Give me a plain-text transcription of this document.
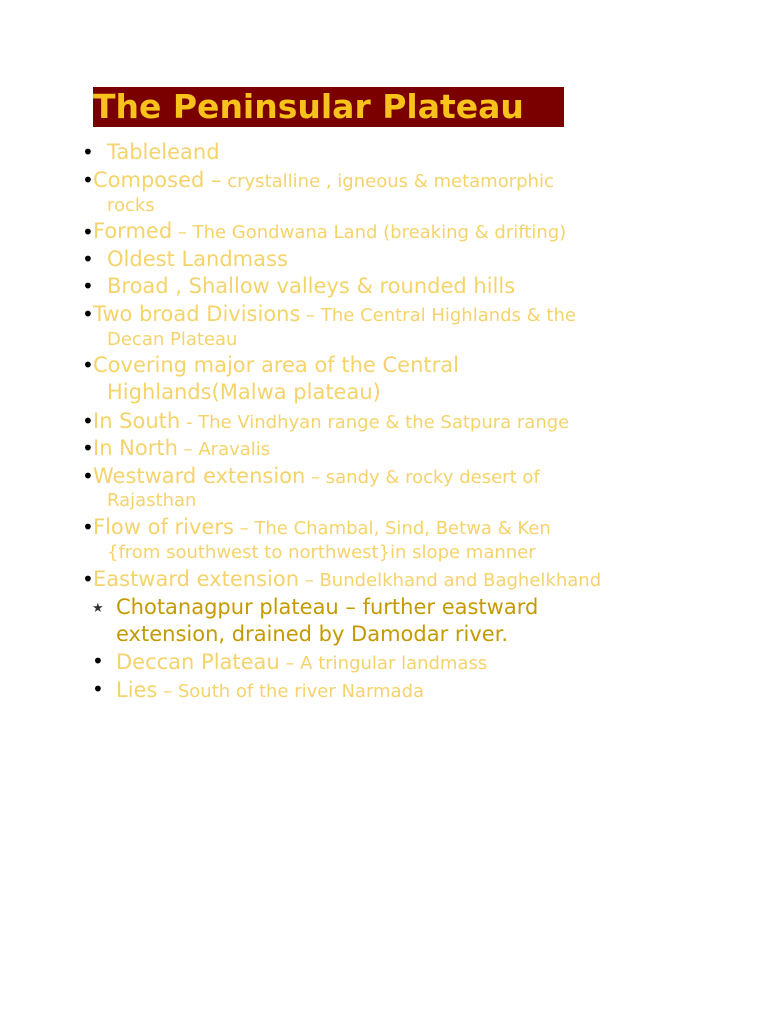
The Peninsular Plateau
• Tableleand
• Composed – crystalline , igneous & metamorphic
rocks
• Formed – The Gondwana Land (breaking & drifting)
• Oldest Landmass
• Broad , Shallow valleys & rounded hills
• Two broad Divisions – The Central Highlands & the
Decan Plateau
• Covering major area of the Central
Highlands(Malwa plateau)
• In South - The Vindhyan range & the Satpura range
• In North – Aravalis
• Westward extension – sandy & rocky desert of
Rajasthan
• Flow of rivers – The Chambal, Sind, Betwa & Ken
{from southwest to northwest}in slope manner
• Eastward extension – Bundelkhand and Baghelkhand
★ Chotanagpur plateau – further eastward
extension, drained by Damodar river.
• Deccan Plateau – A tringular landmass
• Lies – South of the river Narmada
